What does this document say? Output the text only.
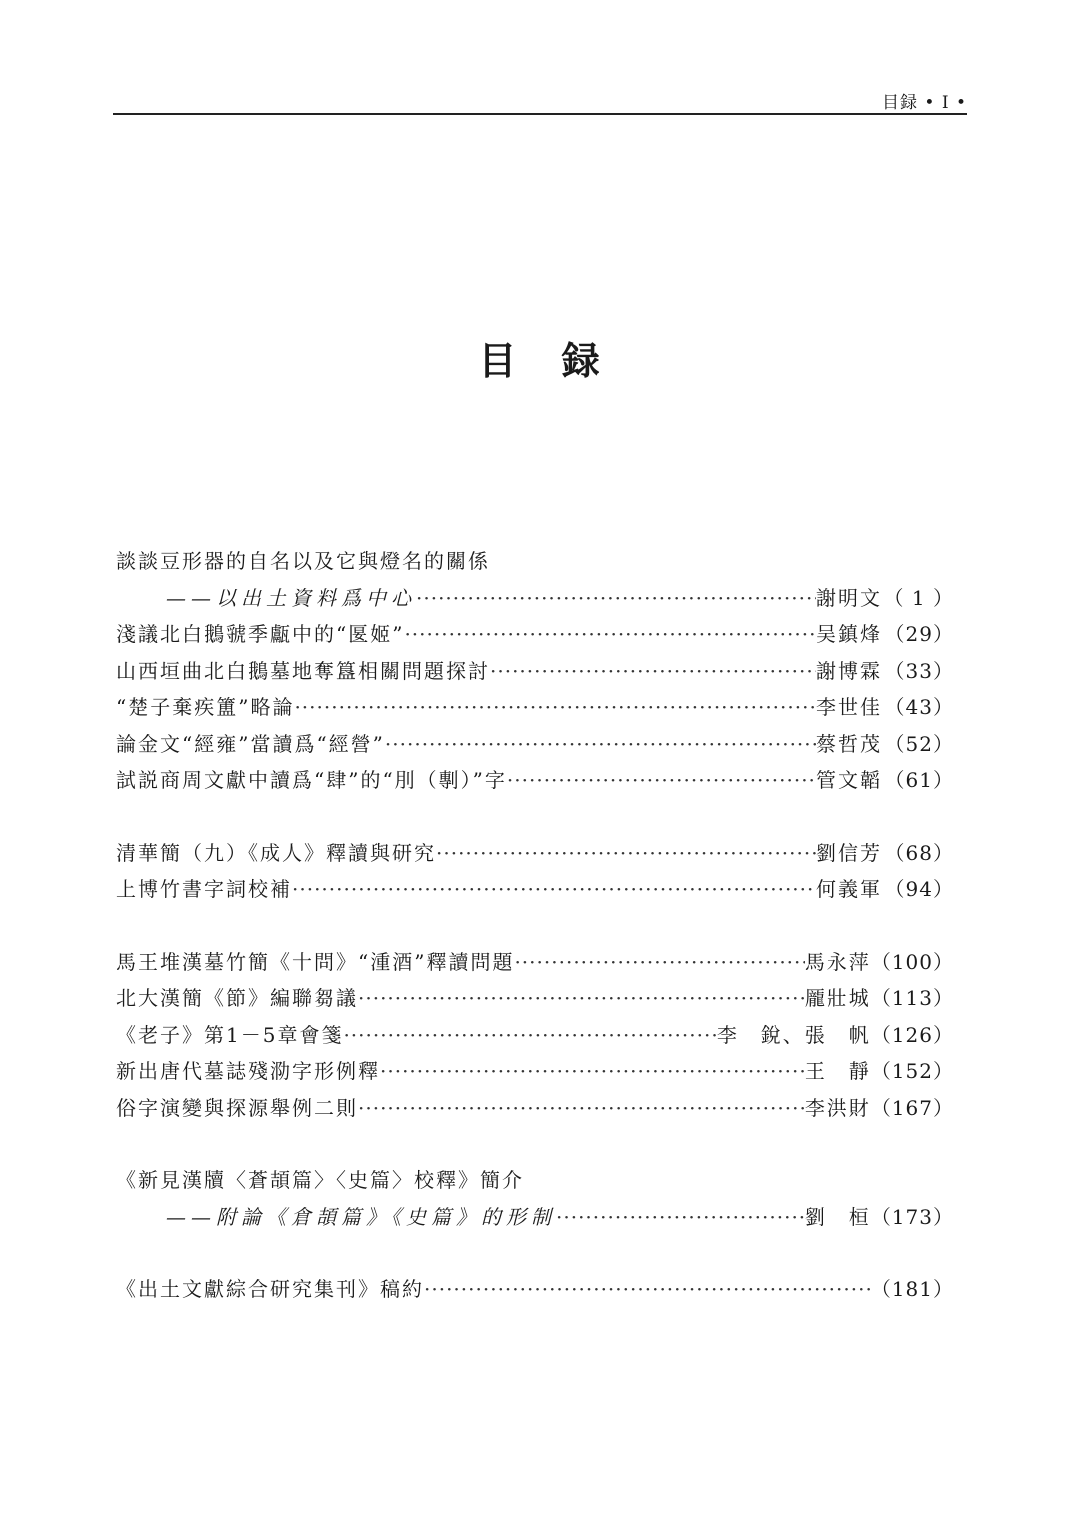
目録 • I •
目 録
談談豆形器的自名以及它與燈名的關係
——以出土資料爲中心 ·····	謝明文 （ 1 ）
淺議北白鵝虢季甗中的“匽姬” ·····	吴鎮烽 （29）
山西垣曲北白鵝墓地奪簋相關問題探討 ·····	謝博霖 （33）
“楚子棄疾簠”略論 ·····	李世佳 （43）
論金文“經雍”當讀爲“經營” ·····	蔡哲茂 （52）
試説商周文獻中讀爲“肆”的“刖（剸）”字 ·····	管文韜 （61）
清華簡（九）《成人》釋讀與研究 ·····	劉信芳 （68）
上博竹書字詞校補 ·····	何義軍 （94）
馬王堆漢墓竹簡《十問》“湩酒”釋讀問題 ·····	馬永萍 （100）
北大漢簡《節》編聯芻議 ·····	龎壯城 （113）
《老子》第1－5章會箋 ·····	李　銳、張　帆 （126）
新出唐代墓誌殘泐字形例釋 ·····	王　靜 （152）
俗字演變與探源舉例二則 ·····	李洪財 （167）
《新見漢牘〈蒼頡篇〉〈史篇〉校釋》簡介
——附論《倉頡篇》《史篇》的形制 ·····	劉　桓 （173）
《出土文獻綜合研究集刊》稿約 ·····	（181）
